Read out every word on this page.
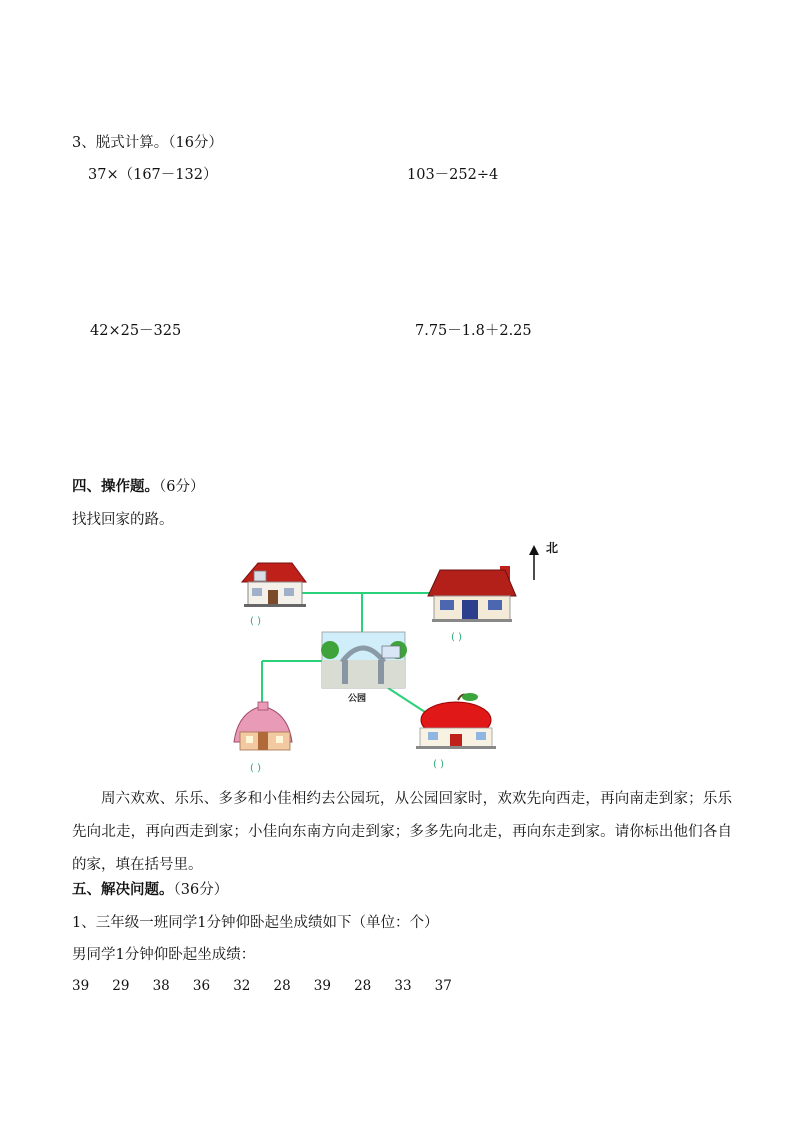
3、脱式计算。（16分）
37×（167－132）	103－252÷4
42×25－325	7.75－1.8＋2.25
四、操作题。（6分）
找找回家的路。
( )
( )
公园
( )	( )
北
周六欢欢、乐乐、多多和小佳相约去公园玩，从公园回家时，欢欢先向西走，再向南走到家；乐乐先向北走，再向西走到家；小佳向东南方向走到家；多多先向北走，再向东走到家。请你标出他们各自的家，填在括号里。
五、解决问题。（36分）
1、三年级一班同学1分钟仰卧起坐成绩如下（单位：个）
男同学1分钟仰卧起坐成绩：
39	29	38	36	32	28	39	28	33	37
